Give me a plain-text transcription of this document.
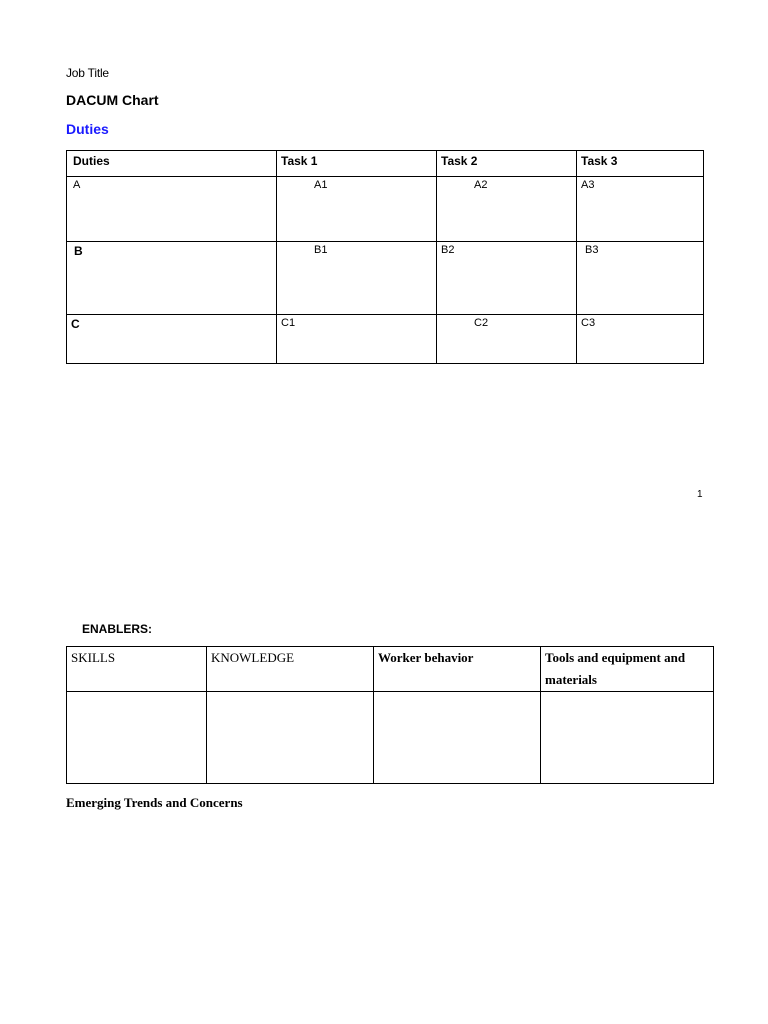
Job Title
DACUM Chart
Duties
Duties	Task 1	Task 2	Task 3

A	A1	A2	A3

B	B1	B2	B3

C	C1	C2	C3
1
ENABLERS:
SKILLS	KNOWLEDGE	Worker behavior	Tools and equipment and materials

Emerging Trends and Concerns
